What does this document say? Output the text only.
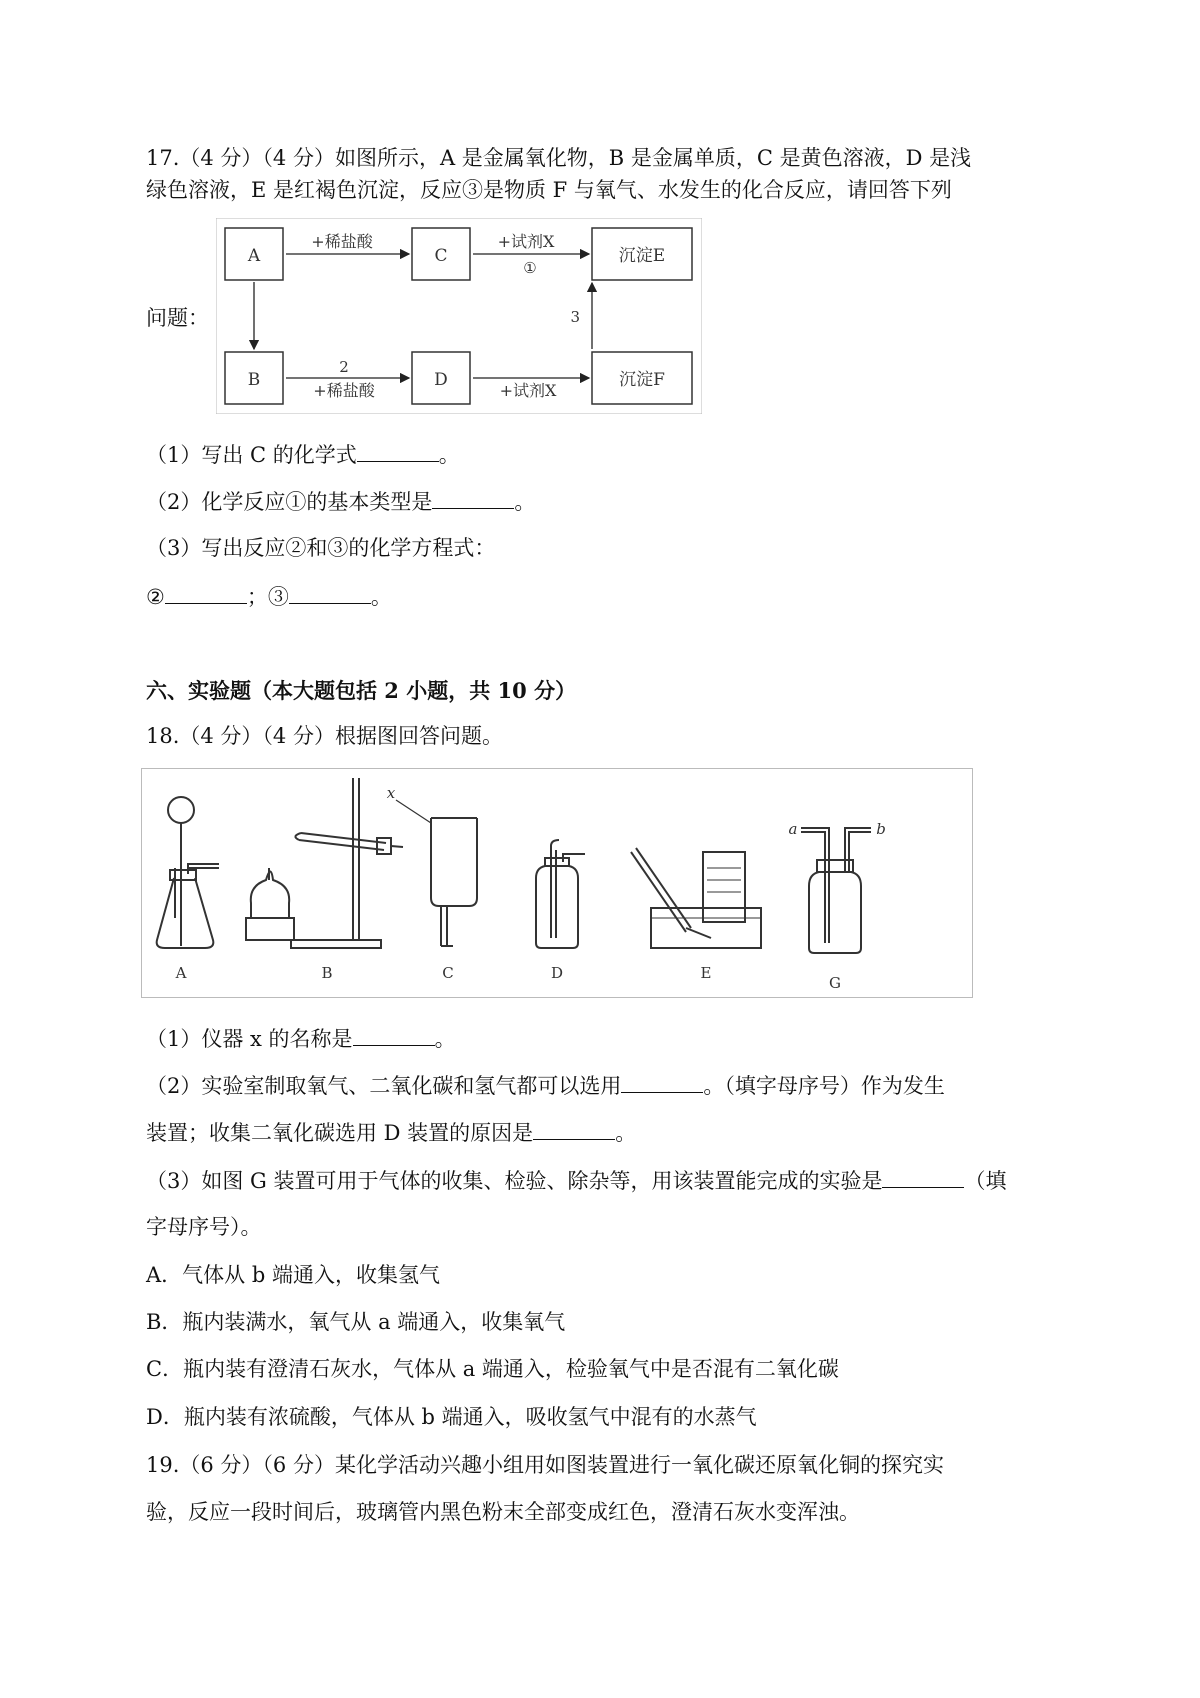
17.（4 分）（4 分）如图所示，A 是金属氧化物，B 是金属单质，C 是黄色溶液，D 是浅
绿色溶液，E 是红褐色沉淀，反应③是物质 F 与氧气、水发生的化合反应，请回答下列
问题：
A	C	沉淀E
B	D	沉淀F
+稀盐酸	+试剂X
①
2
+稀盐酸	+试剂X
3
（1）写出 C 的化学式	。
（2）化学反应①的基本类型是	。
（3）写出反应②和③的化学方程式：
②	；③	。
六、实验题（本大题包括 2 小题，共 10 分）
18.（4 分）（4 分）根据图回答问题。
A	B	C	D	E
G
x
a	b
（1）仪器 x 的名称是	。
（2）实验室制取氧气、二氧化碳和氢气都可以选用	。（填字母序号）作为发生
装置；收集二氧化碳选用 D 装置的原因是	。
（3）如图 G 装置可用于气体的收集、检验、除杂等，用该装置能完成的实验是	（填
字母序号）。
A．气体从 b 端通入，收集氢气
B．瓶内装满水，氧气从 a 端通入，收集氧气
C．瓶内装有澄清石灰水，气体从 a 端通入，检验氧气中是否混有二氧化碳
D．瓶内装有浓硫酸，气体从 b 端通入，吸收氢气中混有的水蒸气
19.（6 分）（6 分）某化学活动兴趣小组用如图装置进行一氧化碳还原氧化铜的探究实
验，反应一段时间后，玻璃管内黑色粉末全部变成红色，澄清石灰水变浑浊。
